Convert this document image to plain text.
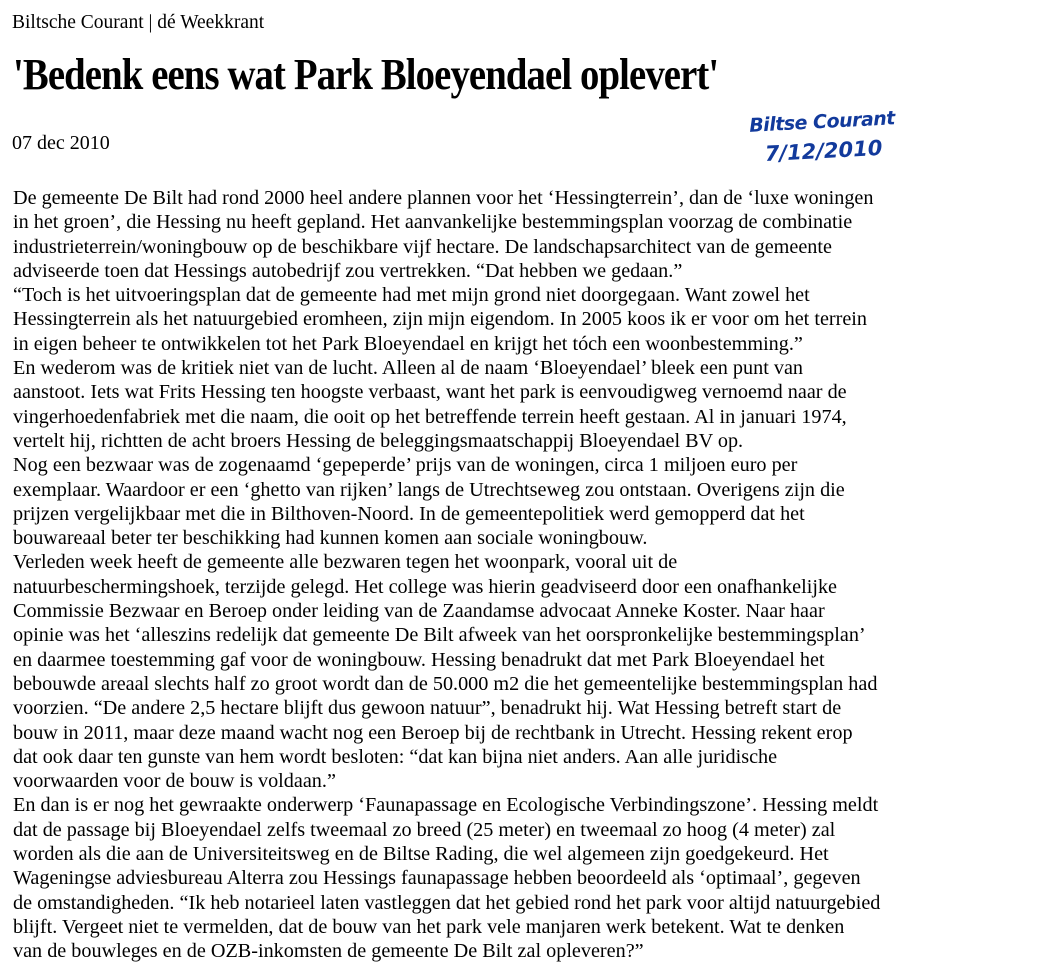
Biltsche Courant | dé Weekkrant
'Bedenk eens wat Park Bloeyendael oplevert'
07 dec 2010
Biltse Courant
7/12/2010
De gemeente De Bilt had rond 2000 heel andere plannen voor het ‘Hessingterrein’, dan de ‘luxe woningen
in het groen’, die Hessing nu heeft gepland. Het aanvankelijke bestemmingsplan voorzag de combinatie
industrieterrein/woningbouw op de beschikbare vijf hectare. De landschapsarchitect van de gemeente
adviseerde toen dat Hessings autobedrijf zou vertrekken. “Dat hebben we gedaan.”
“Toch is het uitvoeringsplan dat de gemeente had met mijn grond niet doorgegaan. Want zowel het
Hessingterrein als het natuurgebied eromheen, zijn mijn eigendom. In 2005 koos ik er voor om het terrein
in eigen beheer te ontwikkelen tot het Park Bloeyendael en krijgt het tóch een woonbestemming.”
En wederom was de kritiek niet van de lucht. Alleen al de naam ‘Bloeyendael’ bleek een punt van
aanstoot. Iets wat Frits Hessing ten hoogste verbaast, want het park is eenvoudigweg vernoemd naar de
vingerhoedenfabriek met die naam, die ooit op het betreffende terrein heeft gestaan. Al in januari 1974,
vertelt hij, richtten de acht broers Hessing de beleggingsmaatschappij Bloeyendael BV op.
Nog een bezwaar was de zogenaamd ‘gepeperde’ prijs van de woningen, circa 1 miljoen euro per
exemplaar. Waardoor er een ‘ghetto van rijken’ langs de Utrechtseweg zou ontstaan. Overigens zijn die
prijzen vergelijkbaar met die in Bilthoven-Noord. In de gemeentepolitiek werd gemopperd dat het
bouwareaal beter ter beschikking had kunnen komen aan sociale woningbouw.
Verleden week heeft de gemeente alle bezwaren tegen het woonpark, vooral uit de
natuurbeschermingshoek, terzijde gelegd. Het college was hierin geadviseerd door een onafhankelijke
Commissie Bezwaar en Beroep onder leiding van de Zaandamse advocaat Anneke Koster. Naar haar
opinie was het ‘alleszins redelijk dat gemeente De Bilt afweek van het oorspronkelijke bestemmingsplan’
en daarmee toestemming gaf voor de woningbouw. Hessing benadrukt dat met Park Bloeyendael het
bebouwde areaal slechts half zo groot wordt dan de 50.000 m2 die het gemeentelijke bestemmingsplan had
voorzien. “De andere 2,5 hectare blijft dus gewoon natuur”, benadrukt hij. Wat Hessing betreft start de
bouw in 2011, maar deze maand wacht nog een Beroep bij de rechtbank in Utrecht. Hessing rekent erop
dat ook daar ten gunste van hem wordt besloten: “dat kan bijna niet anders. Aan alle juridische
voorwaarden voor de bouw is voldaan.”
En dan is er nog het gewraakte onderwerp ‘Faunapassage en Ecologische Verbindingszone’. Hessing meldt
dat de passage bij Bloeyendael zelfs tweemaal zo breed (25 meter) en tweemaal zo hoog (4 meter) zal
worden als die aan de Universiteitsweg en de Biltse Rading, die wel algemeen zijn goedgekeurd. Het
Wageningse adviesbureau Alterra zou Hessings faunapassage hebben beoordeeld als ‘optimaal’, gegeven
de omstandigheden. “Ik heb notarieel laten vastleggen dat het gebied rond het park voor altijd natuurgebied
blijft. Vergeet niet te vermelden, dat de bouw van het park vele manjaren werk betekent. Wat te denken
van de bouwleges en de OZB-inkomsten de gemeente De Bilt zal opleveren?”
